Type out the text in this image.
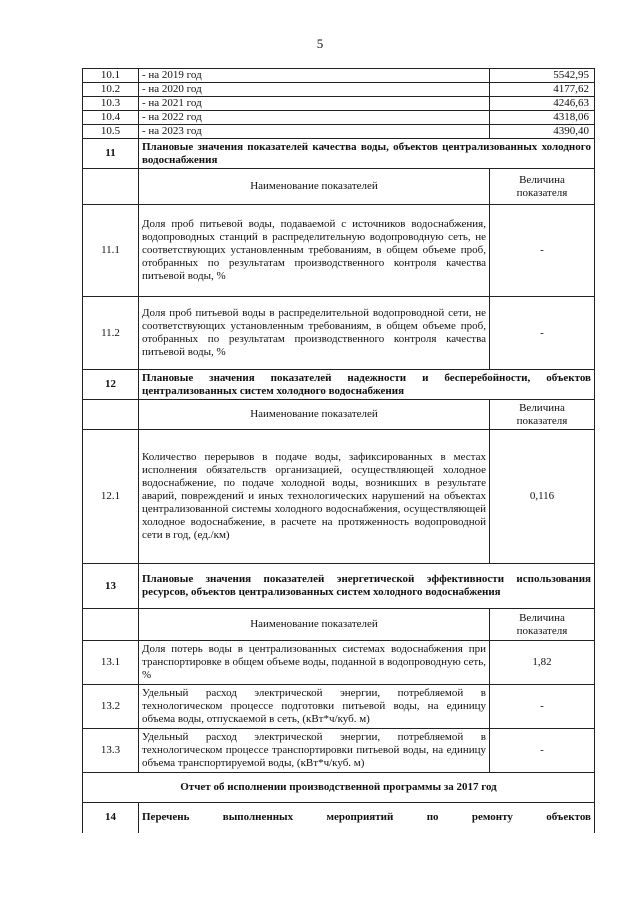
5
10.1	- на 2019 год	5542,95
10.2	- на 2020 год	4177,62
10.3	- на 2021 год	4246,63
10.4	- на 2022 год	4318,06
10.5	- на 2023 год	4390,40
11	Плановые значения показателей качества воды, объектов централизованных холодного водоснабжения	
	Наименование показателей	Величина показателя
11.1	Доля проб питьевой воды, подаваемой с источников водоснабжения, водопроводных станций в распределительную водопроводную сеть, не соответствующих установленным требованиям, в общем объеме проб, отобранных по результатам производственного контроля качества питьевой воды, %	-
11.2	Доля проб питьевой воды в распределительной водопроводной сети, не соответствующих установленным требованиям, в общем объеме проб, отобранных по результатам производственного контроля качества питьевой воды, %	-
12	Плановые значения показателей надежности и бесперебойности, объектов централизованных систем холодного водоснабжения	
	Наименование показателей	Величина показателя
12.1	Количество перерывов в подаче воды, зафиксированных в местах исполнения обязательств организацией, осуществляющей холодное водоснабжение, по подаче холодной воды, возникших в результате аварий, повреждений и иных технологических нарушений на объектах централизованной системы холодного водоснабжения, осуществляющей холодное водоснабжение, в расчете на протяженность водопроводной сети в год, (ед./км)	0,116
13	Плановые значения показателей энергетической эффективности использования ресурсов, объектов централизованных систем холодного водоснабжения	
	Наименование показателей	Величина показателя
13.1	Доля потерь воды в централизованных системах водоснабжения при транспортировке в общем объеме воды, поданной в водопроводную сеть, %	1,82
13.2	Удельный расход электрической энергии, потребляемой в технологическом процессе подготовки питьевой воды, на единицу объема воды, отпускаемой в сеть, (кВт*ч/куб. м)	-
13.3	Удельный расход электрической энергии, потребляемой в технологическом процессе транспортировки питьевой воды, на единицу объема транспортируемой воды, (кВт*ч/куб. м)	-
Отчет об исполнении производственной программы за 2017 год		
14	Перечень выполненных мероприятий по ремонту объектов	
